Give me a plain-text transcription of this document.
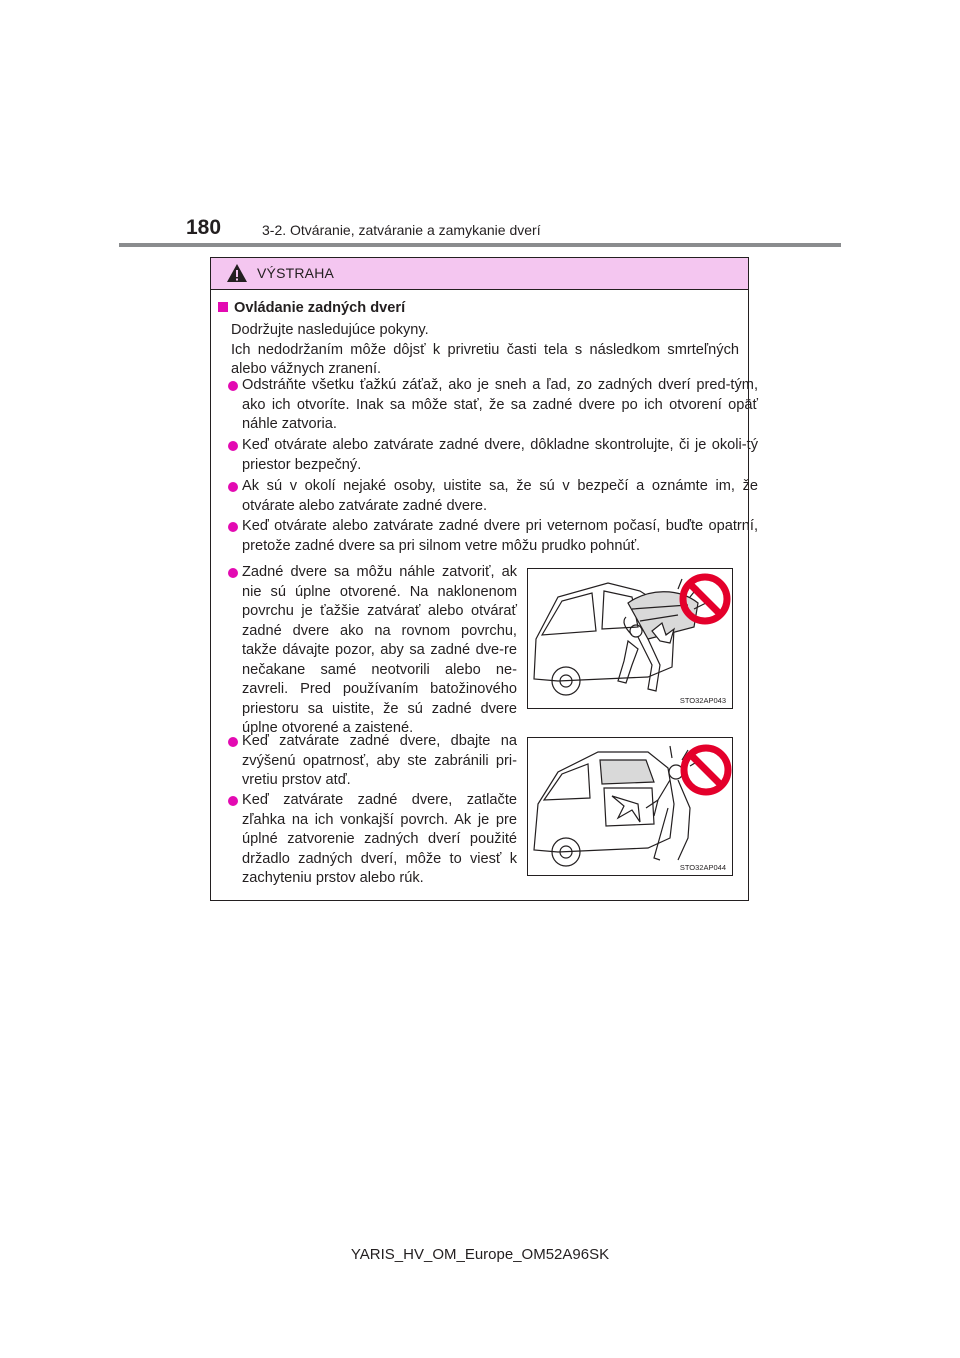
180	3-2. Otváranie, zatváranie a zamykanie dverí
VÝSTRAHA
Ovládanie zadných dverí
Dodržujte nasledujúce pokyny.
Ich nedodržaním môže dôjsť k privretiu časti tela s následkom smrteľných alebo vážnych zranení.
Odstráňte všetku ťažkú záťaž, ako je sneh a ľad, zo zadných dverí pred-tým, ako ich otvoríte. Inak sa môže stať, že sa zadné dvere po ich otvorení opäť náhle zatvoria.
Keď otvárate alebo zatvárate zadné dvere, dôkladne skontrolujte, či je okoli-tý priestor bezpečný.
Ak sú v okolí nejaké osoby, uistite sa, že sú v bezpečí a oznámte im, že otvárate alebo zatvárate zadné dvere.
Keď otvárate alebo zatvárate zadné dvere pri veternom počasí, buďte opatrní, pretože zadné dvere sa pri silnom vetre môžu prudko pohnúť.
Zadné dvere sa môžu náhle zatvoriť, ak nie sú úplne otvorené. Na naklonenom povrchu je ťažšie zatvárať alebo otvárať zadné dvere ako na rovnom povrchu, takže dávajte pozor, aby sa zadné dve-re nečakane samé neotvorili alebo ne-zavreli. Pred používaním batožinového priestoru sa uistite, že sú zadné dvere úplne otvorené a zaistené.
Keď zatvárate zadné dvere, dbajte na zvýšenú opatrnosť, aby ste zabránili pri-vretiu prstov atď.
Keď zatvárate zadné dvere, zatlačte zľahka na ich vonkajší povrch. Ak je pre úplné zatvorenie zadných dverí použité držadlo zadných dverí, môže to viesť k zachyteniu prstov alebo rúk.
STO32AP043
STO32AP044
YARIS_HV_OM_Europe_OM52A96SK
